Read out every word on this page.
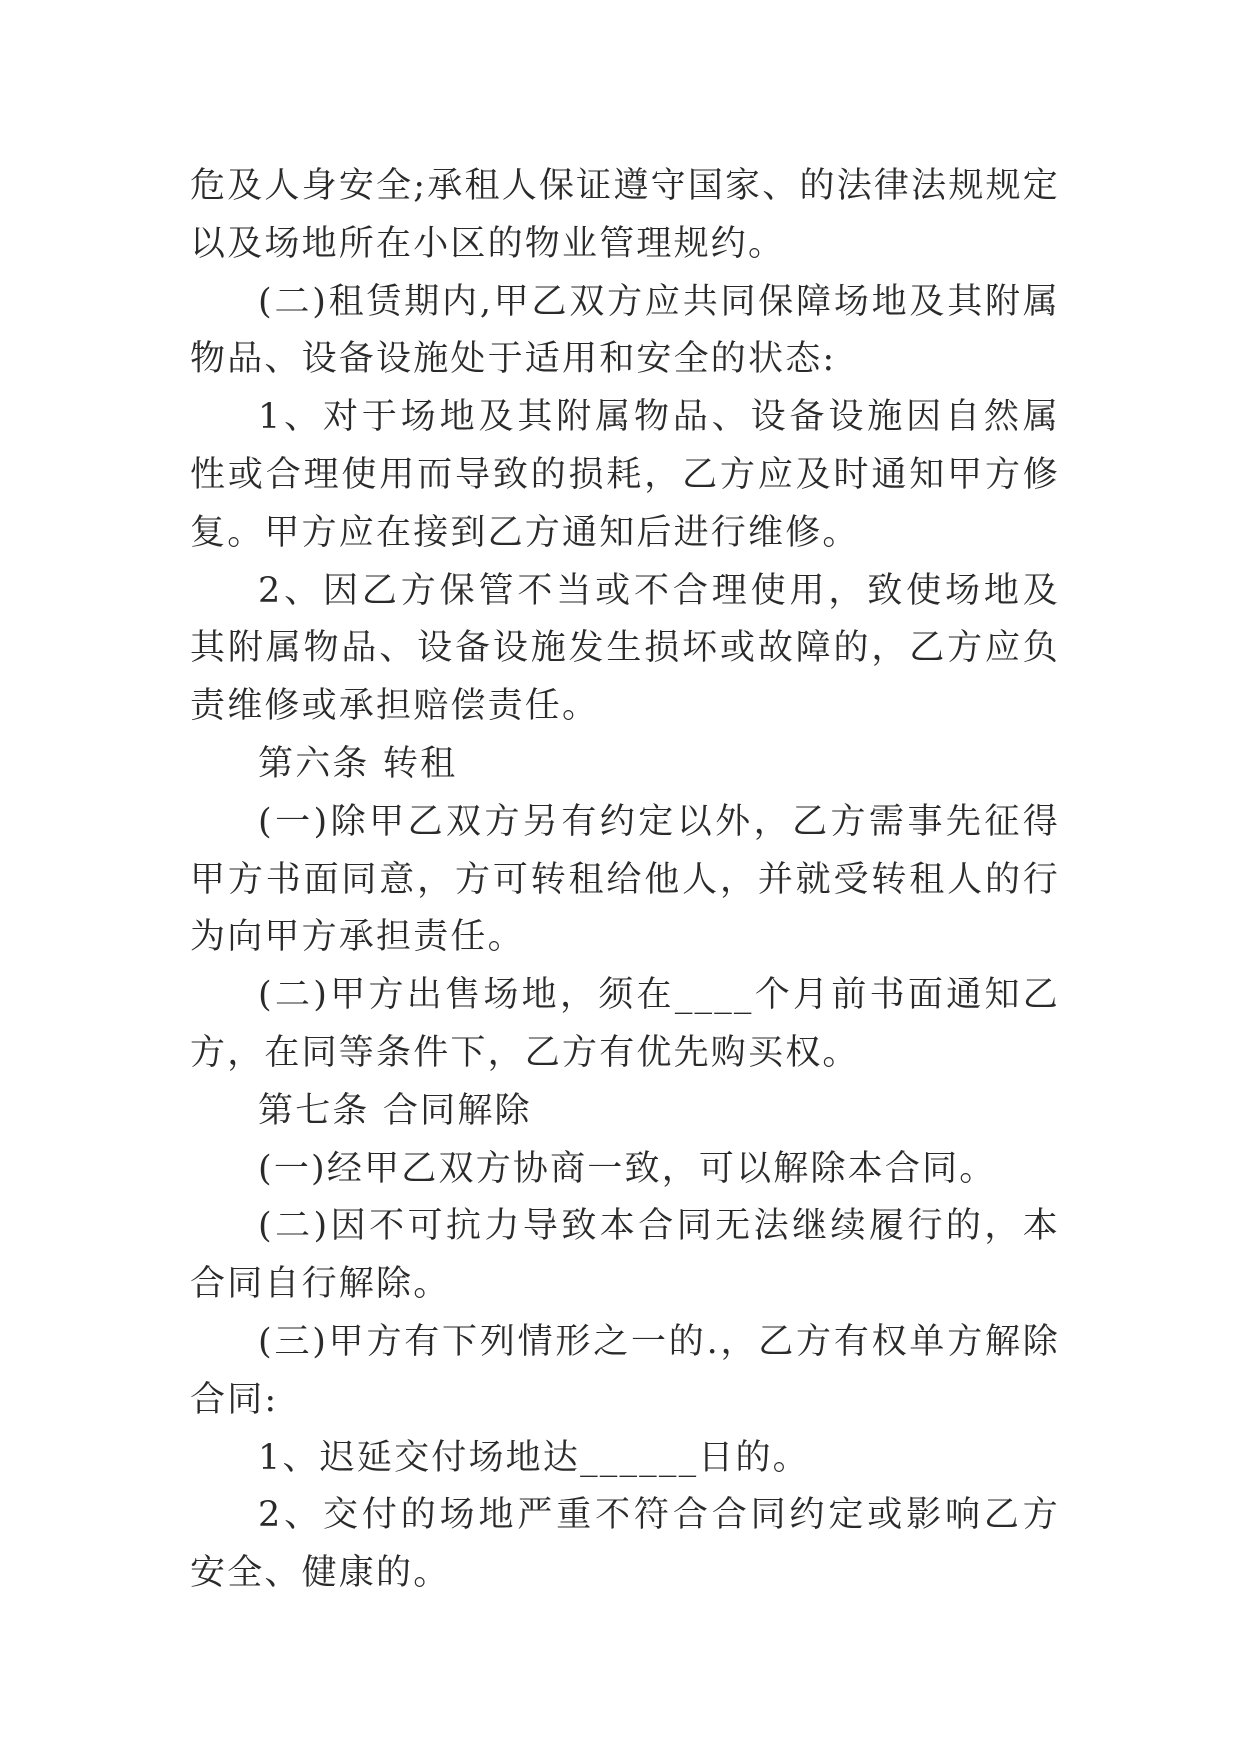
危及人身安全;承租人保证遵守国家、的法律法规规定以及场地所在小区的物业管理规约。

(二)租赁期内,甲乙双方应共同保障场地及其附属物品、设备设施处于适用和安全的状态:

1、对于场地及其附属物品、设备设施因自然属性或合理使用而导致的损耗，乙方应及时通知甲方修复。甲方应在接到乙方通知后进行维修。

2、因乙方保管不当或不合理使用，致使场地及其附属物品、设备设施发生损坏或故障的，乙方应负责维修或承担赔偿责任。

第六条 转租

(一)除甲乙双方另有约定以外，乙方需事先征得甲方书面同意，方可转租给他人，并就受转租人的行为向甲方承担责任。

(二)甲方出售场地，须在____个月前书面通知乙方，在同等条件下，乙方有优先购买权。

第七条 合同解除

(一)经甲乙双方协商一致，可以解除本合同。

(二)因不可抗力导致本合同无法继续履行的，本合同自行解除。

(三)甲方有下列情形之一的.，乙方有权单方解除合同:

1、迟延交付场地达______日的。

2、交付的场地严重不符合合同约定或影响乙方安全、健康的。
